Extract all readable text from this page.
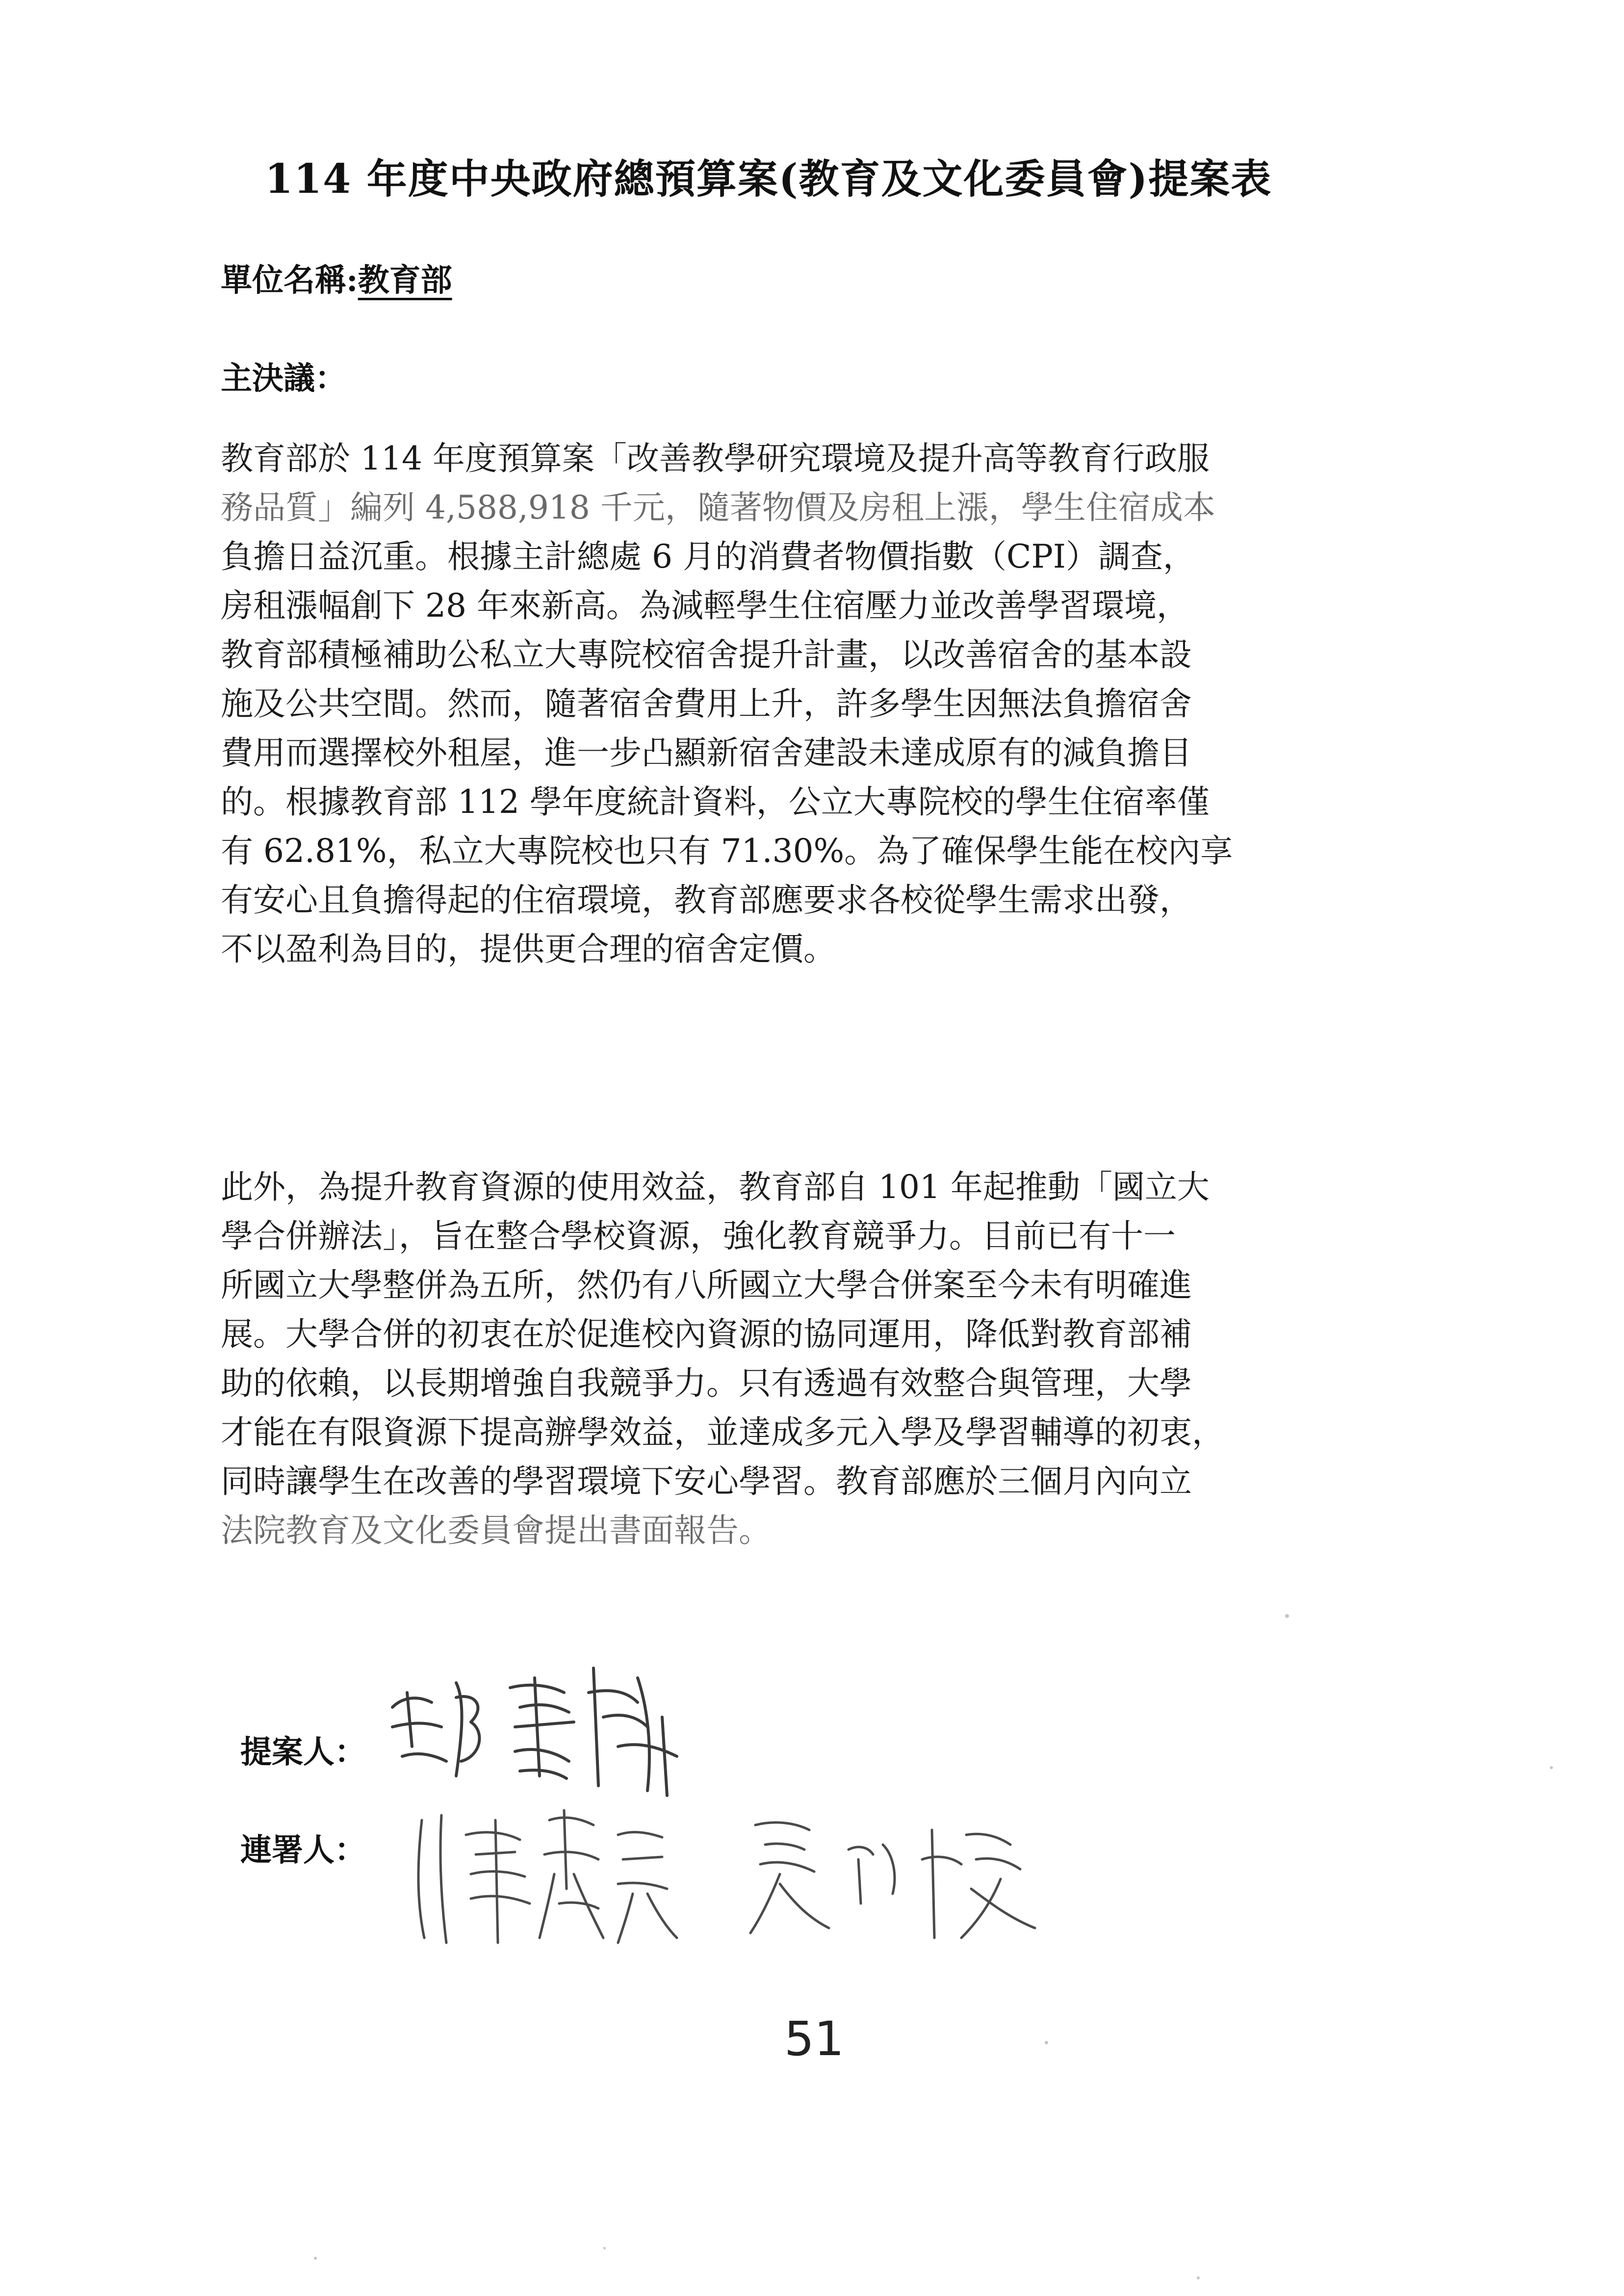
114 年度中央政府總預算案(教育及文化委員會)提案表
單位名稱:教育部
主決議：
教育部於 114 年度預算案「改善教學研究環境及提升高等教育行政服
務品質」編列 4,588,918 千元，隨著物價及房租上漲，學生住宿成本
負擔日益沉重。根據主計總處 6 月的消費者物價指數（CPI）調查，
房租漲幅創下 28 年來新高。為減輕學生住宿壓力並改善學習環境，
教育部積極補助公私立大專院校宿舍提升計畫，以改善宿舍的基本設
施及公共空間。然而，隨著宿舍費用上升，許多學生因無法負擔宿舍
費用而選擇校外租屋，進一步凸顯新宿舍建設未達成原有的減負擔目
的。根據教育部 112 學年度統計資料，公立大專院校的學生住宿率僅
有 62.81%，私立大專院校也只有 71.30%。為了確保學生能在校內享
有安心且負擔得起的住宿環境，教育部應要求各校從學生需求出發，
不以盈利為目的，提供更合理的宿舍定價。
此外，為提升教育資源的使用效益，教育部自 101 年起推動「國立大
學合併辦法」，旨在整合學校資源，強化教育競爭力。目前已有十一
所國立大學整併為五所，然仍有八所國立大學合併案至今未有明確進
展。大學合併的初衷在於促進校內資源的協同運用，降低對教育部補
助的依賴，以長期增強自我競爭力。只有透過有效整合與管理，大學
才能在有限資源下提高辦學效益，並達成多元入學及學習輔導的初衷，
同時讓學生在改善的學習環境下安心學習。教育部應於三個月內向立
法院教育及文化委員會提出書面報告。
提案人：
連署人：
51
